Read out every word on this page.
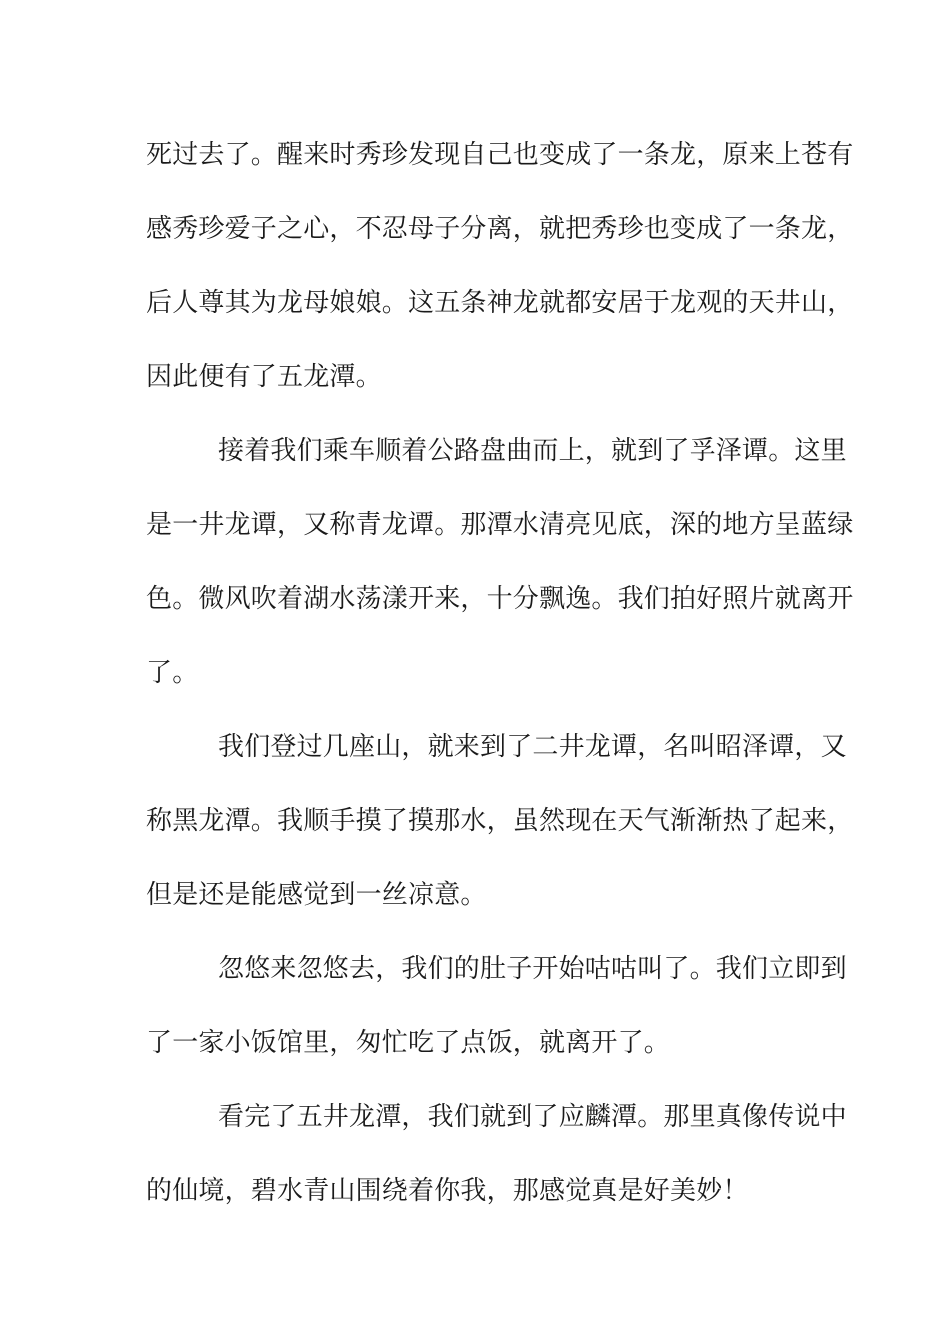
死过去了。醒来时秀珍发现自己也变成了一条龙，原来上苍有
感秀珍爱子之心，不忍母子分离，就把秀珍也变成了一条龙，
后人尊其为龙母娘娘。这五条神龙就都安居于龙观的天井山，
因此便有了五龙潭。
接着我们乘车顺着公路盘曲而上，就到了孚泽谭。这里
是一井龙谭，又称青龙谭。那潭水清亮见底，深的地方呈蓝绿
色。微风吹着湖水荡漾开来，十分飘逸。我们拍好照片就离开
了。
我们登过几座山，就来到了二井龙谭，名叫昭泽谭，又
称黑龙潭。我顺手摸了摸那水，虽然现在天气渐渐热了起来，
但是还是能感觉到一丝凉意。
忽悠来忽悠去，我们的肚子开始咕咕叫了。我们立即到
了一家小饭馆里，匆忙吃了点饭，就离开了。
看完了五井龙潭，我们就到了应麟潭。那里真像传说中
的仙境，碧水青山围绕着你我，那感觉真是好美妙！
